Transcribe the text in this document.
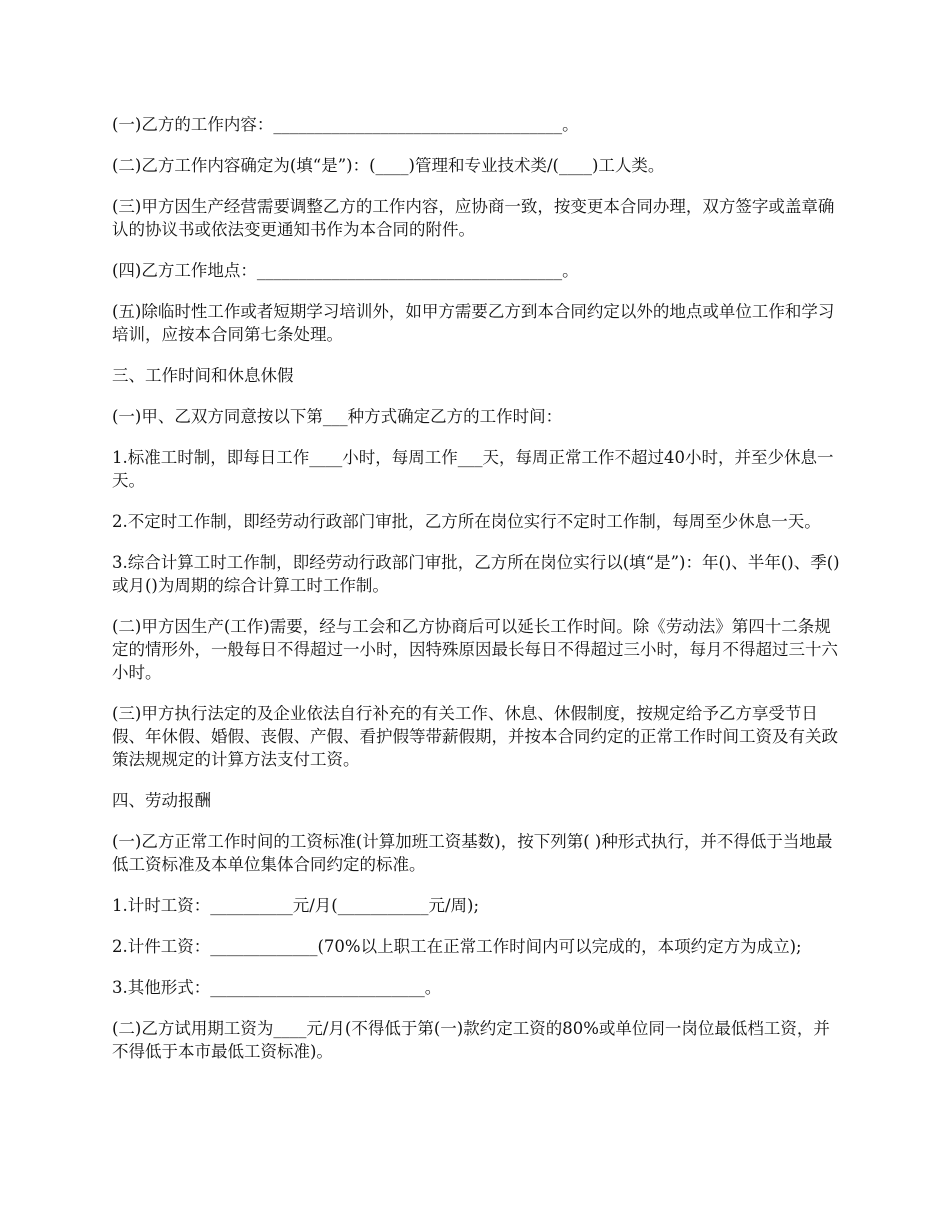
(一)乙方的工作内容：___________________________________。

(二)乙方工作内容确定为(填“是”)：(____)管理和专业技术类/(____)工人类。

(三)甲方因生产经营需要调整乙方的工作内容，应协商一致，按变更本合同办理，双方签字或盖章确认的协议书或依法变更通知书作为本合同的附件。

(四)乙方工作地点：_____________________________________。

(五)除临时性工作或者短期学习培训外，如甲方需要乙方到本合同约定以外的地点或单位工作和学习培训，应按本合同第七条处理。

三、工作时间和休息休假

(一)甲、乙双方同意按以下第___种方式确定乙方的工作时间：

1.标准工时制，即每日工作____小时，每周工作___天，每周正常工作不超过40小时，并至少休息一天。

2.不定时工作制，即经劳动行政部门审批，乙方所在岗位实行不定时工作制，每周至少休息一天。

3.综合计算工时工作制，即经劳动行政部门审批，乙方所在岗位实行以(填“是”)：年()、半年()、季()或月()为周期的综合计算工时工作制。

(二)甲方因生产(工作)需要，经与工会和乙方协商后可以延长工作时间。除《劳动法》第四十二条规定的情形外，一般每日不得超过一小时，因特殊原因最长每日不得超过三小时，每月不得超过三十六小时。

(三)甲方执行法定的及企业依法自行补充的有关工作、休息、休假制度，按规定给予乙方享受节日假、年休假、婚假、丧假、产假、看护假等带薪假期，并按本合同约定的正常工作时间工资及有关政策法规规定的计算方法支付工资。

四、劳动报酬

(一)乙方正常工作时间的工资标准(计算加班工资基数)，按下列第( )种形式执行，并不得低于当地最低工资标准及本单位集体合同约定的标准。

1.计时工资：__________元/月(___________元/周);

2.计件工资：_____________(70%以上职工在正常工作时间内可以完成的，本项约定方为成立);

3.其他形式：__________________________。

(二)乙方试用期工资为____元/月(不得低于第(一)款约定工资的80%或单位同一岗位最低档工资，并不得低于本市最低工资标准)。
